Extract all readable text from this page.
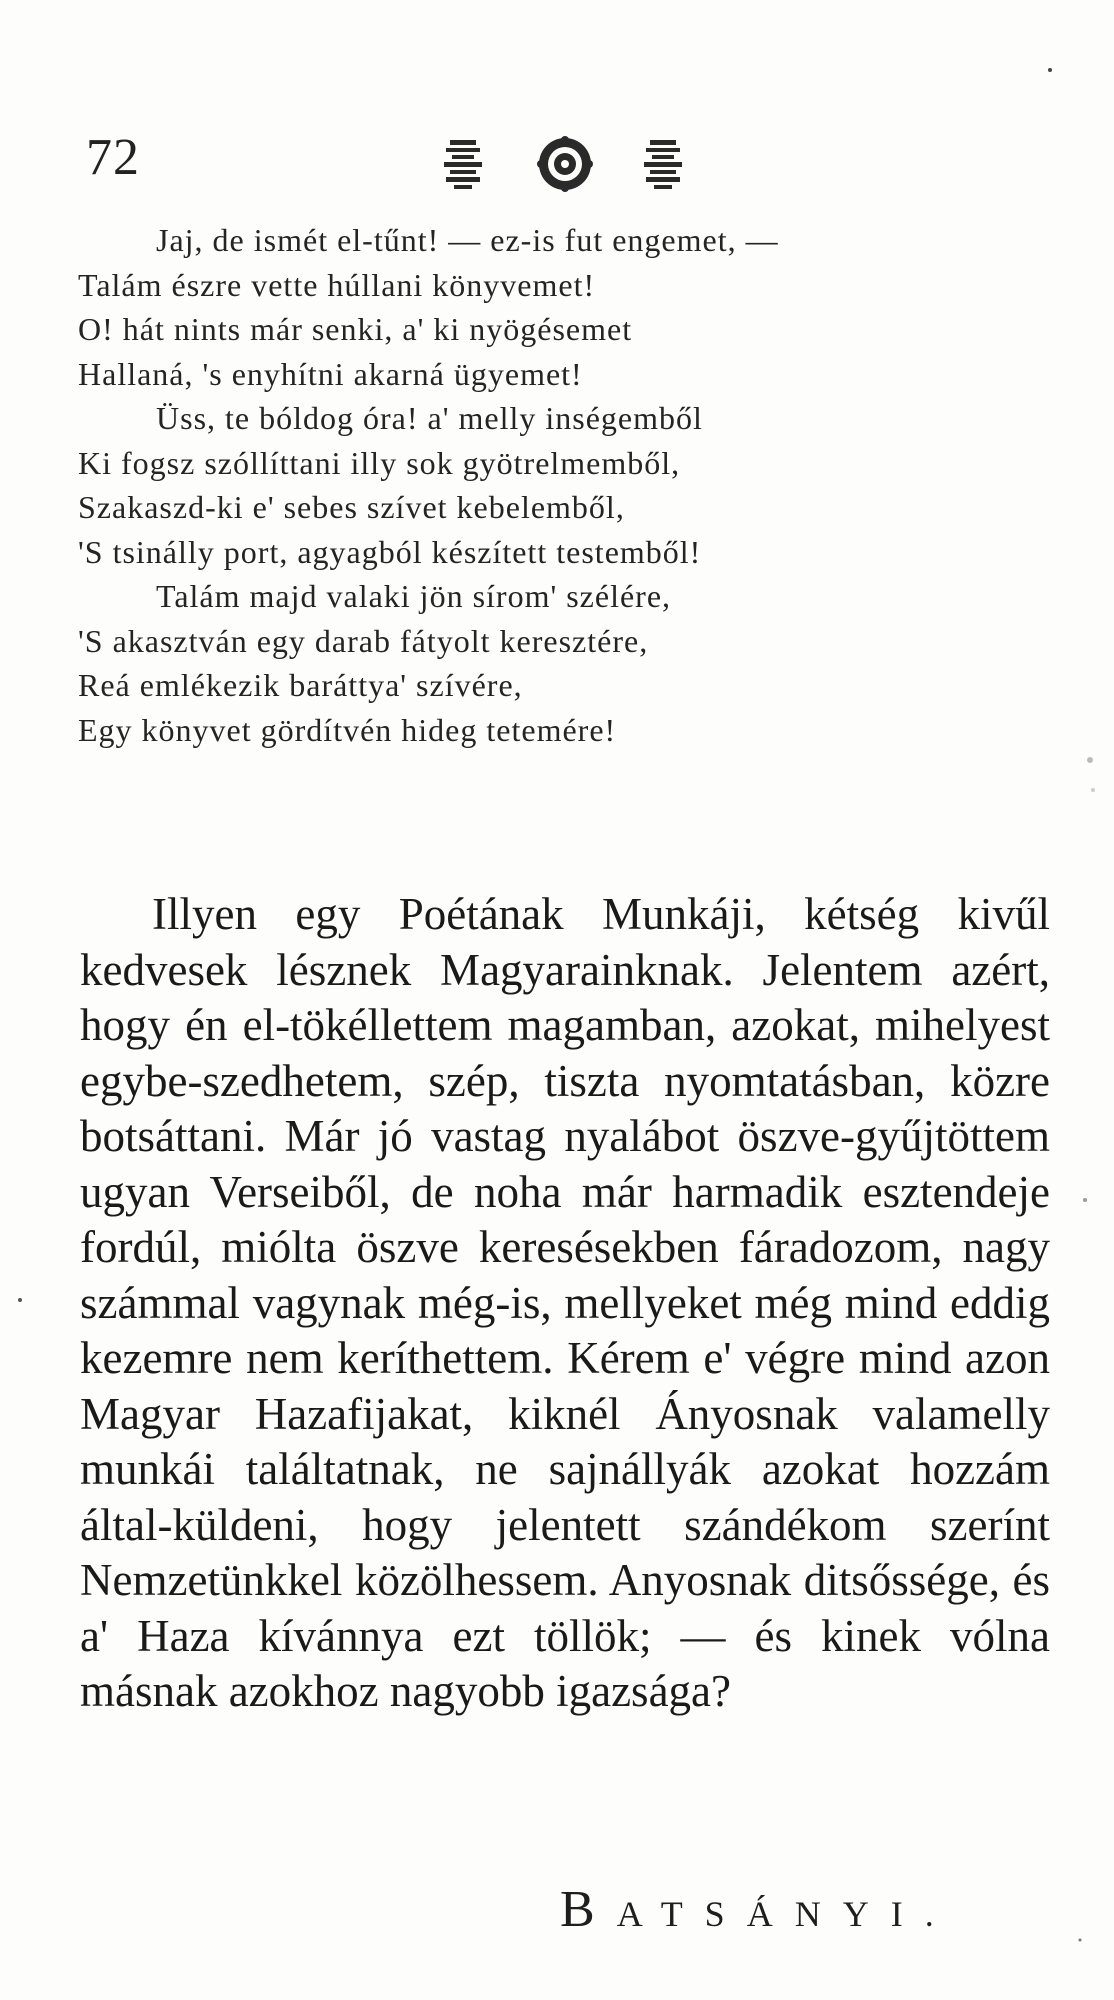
72
Jaj, de ismét el-tűnt! — ez-is fut engemet, —
Talám észre vette húllani könyvemet!
O! hát nints már senki, a' ki nyögésemet
Hallaná, 's enyhítni akarná ügyemet!
Üss, te bóldog óra! a' melly inségemből
Ki fogsz szóllíttani illy sok gyötrelmemből,
Szakaszd-ki e' sebes szívet kebelemből,
'S tsinálly port, agyagból készített testemből!
Talám majd valaki jön sírom' szélére,
'S akasztván egy darab fátyolt keresztére,
Reá emlékezik baráttya' szívére,
Egy könyvet gördítvén hideg tetemére!

Illyen egy Poétának Munkáji, kétség kivűl kedvesek lésznek Magyarainknak. Jelentem azért, hogy én el-tökéllettem magamban, azokat, mihelyest egybe-szedhetem, szép, tiszta nyomtatásban, közre botsáttani. Már jó vastag nyalábot öszve-gyűjtöttem ugyan Verseiből, de noha már harmadik esztendeje fordúl, miólta öszve keresésekben fáradozom, nagy számmal vagynak még-is, mellyeket még mind eddig kezemre nem keríthettem. Kérem e' végre mind azon Magyar Hazafijakat, kiknél Ányosnak valamelly munkái találtatnak, ne sajnállyák azokat hozzám által-küldeni, hogy jelentett szándékom szerínt Nemzetünkkel közölhessem. Anyosnak ditsőssége, és a' Haza kívánnya ezt töllök; — és kinek vólna másnak azokhoz nagyobb igazsága?

BATSÁNYI.
